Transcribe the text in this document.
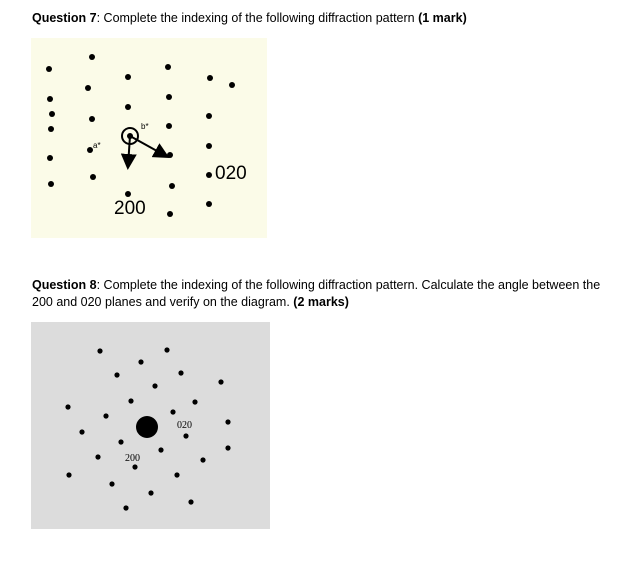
Question 7: Complete the indexing of the following diffraction pattern (1 mark)
a*
b*
200
020
Question 8: Complete the indexing of the following diffraction pattern. Calculate the angle between the 200 and 020 planes and verify on the diagram. (2 marks)
200
020
